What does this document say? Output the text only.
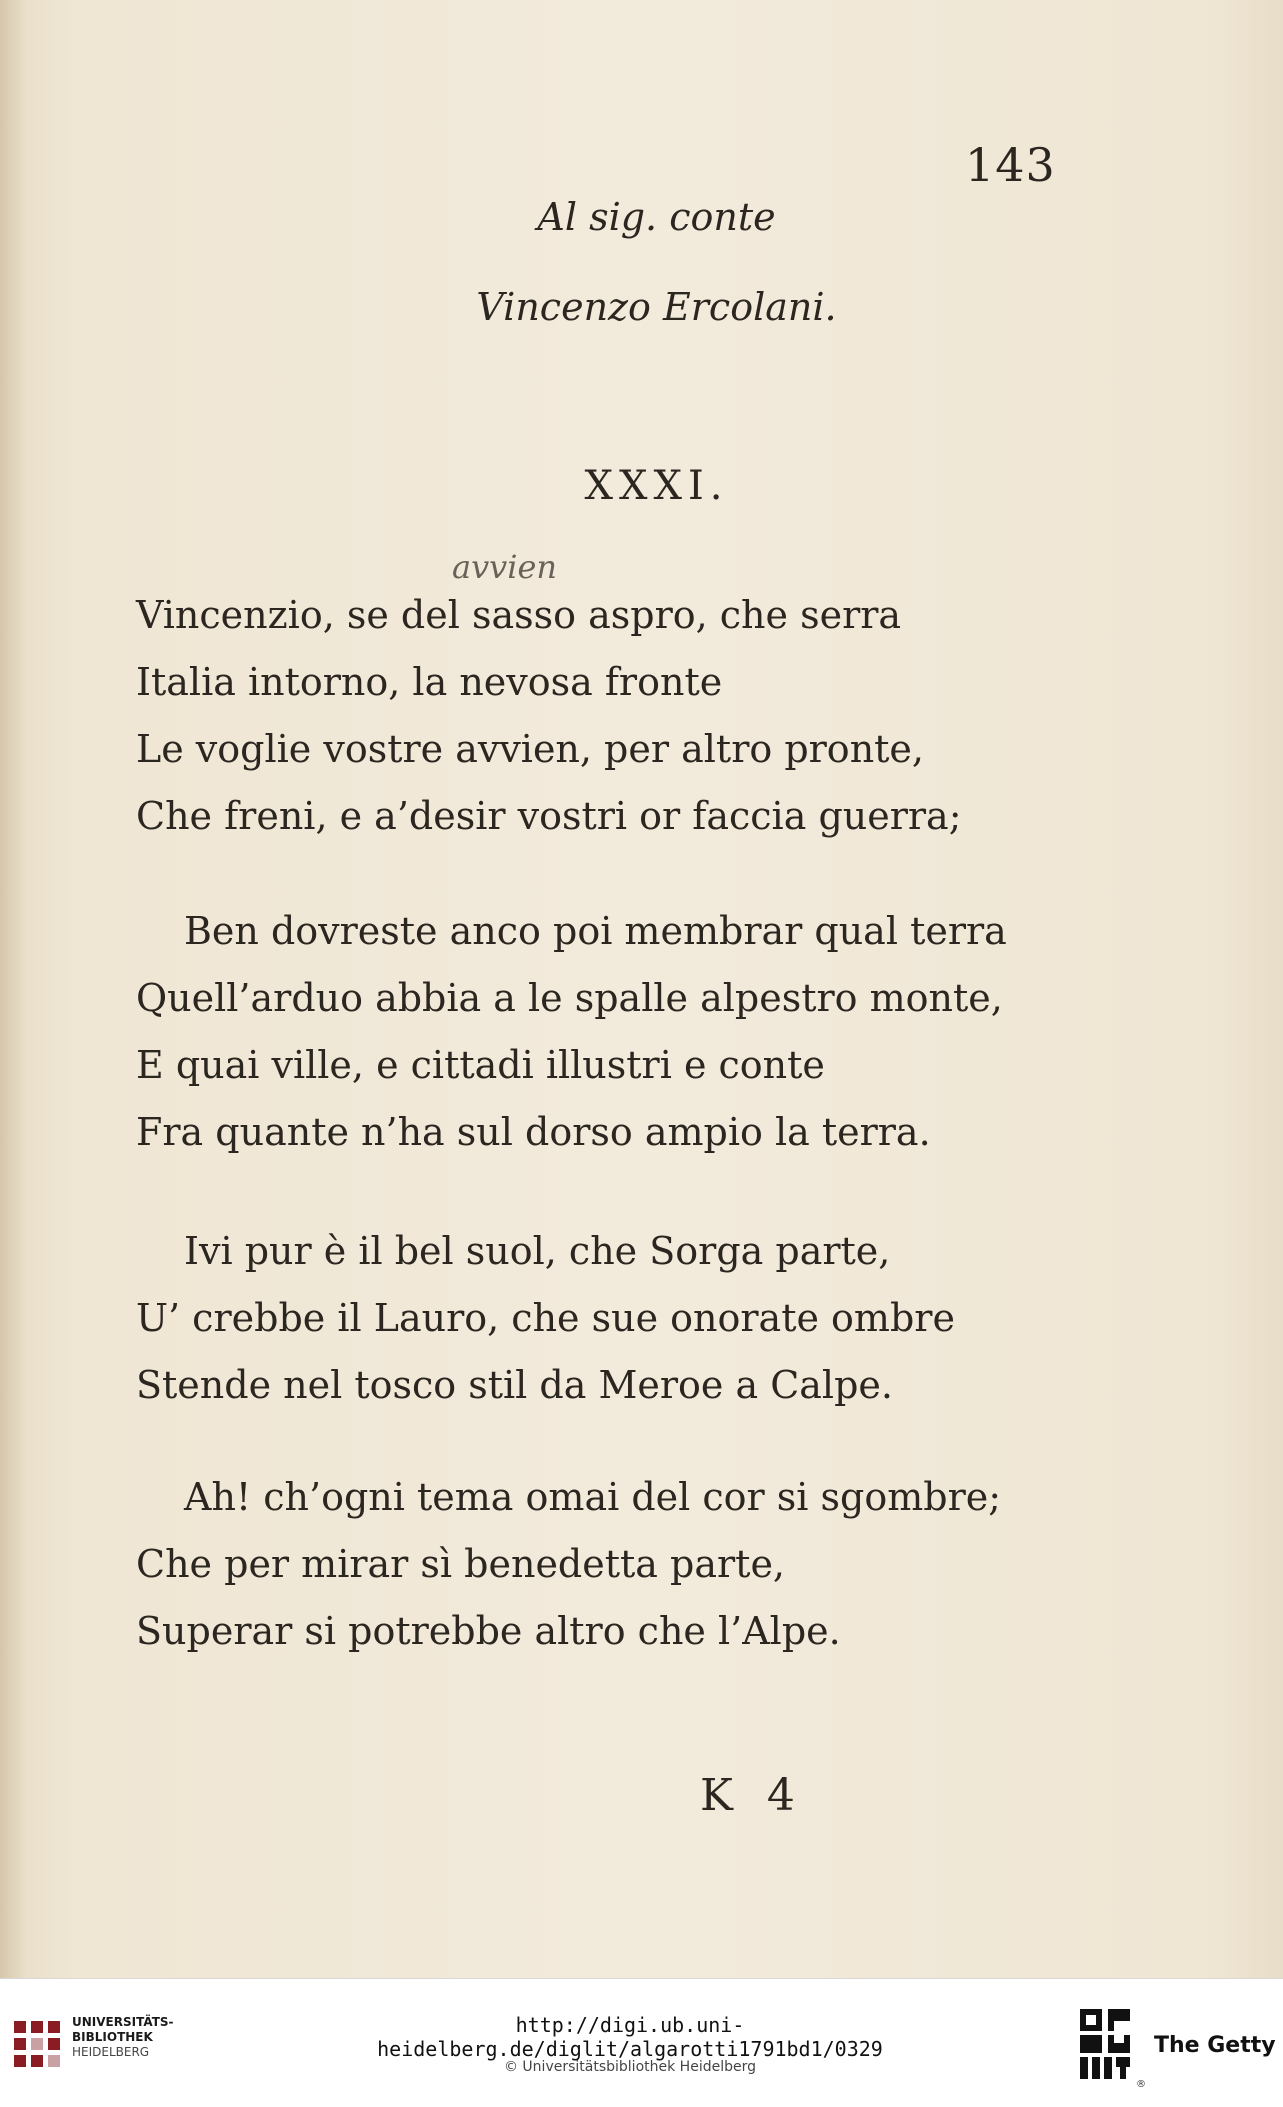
143
Al sig. conte
Vincenzo Ercolani.
XXXI.
avvien
Vincenzio, se del sasso aspro, che serra
Italia intorno, la nevosa fronte
Le voglie vostre avvien, per altro pronte,
Che freni, e a’desir vostri or faccia guerra;
Ben dovreste anco poi membrar qual terra
Quell’arduo abbia a le spalle alpestro monte,
E quai ville, e cittadi illustri e conte
Fra quante n’ha sul dorso ampio la terra.
Ivi pur è il bel suol, che Sorga parte,
U’ crebbe il Lauro, che sue onorate ombre
Stende nel tosco stil da Meroe a Calpe.
Ah! ch’ogni tema omai del cor si sgombre;
Che per mirar sì benedetta parte,
Superar si potrebbe altro che l’Alpe.
K 4
UNIVERSITÄTS-
BIBLIOTHEK
HEIDELBERG
http://digi.ub.uni-heidelberg.de/diglit/algarotti1791bd1/0329
© Universitätsbibliothek Heidelberg
®
The Getty
